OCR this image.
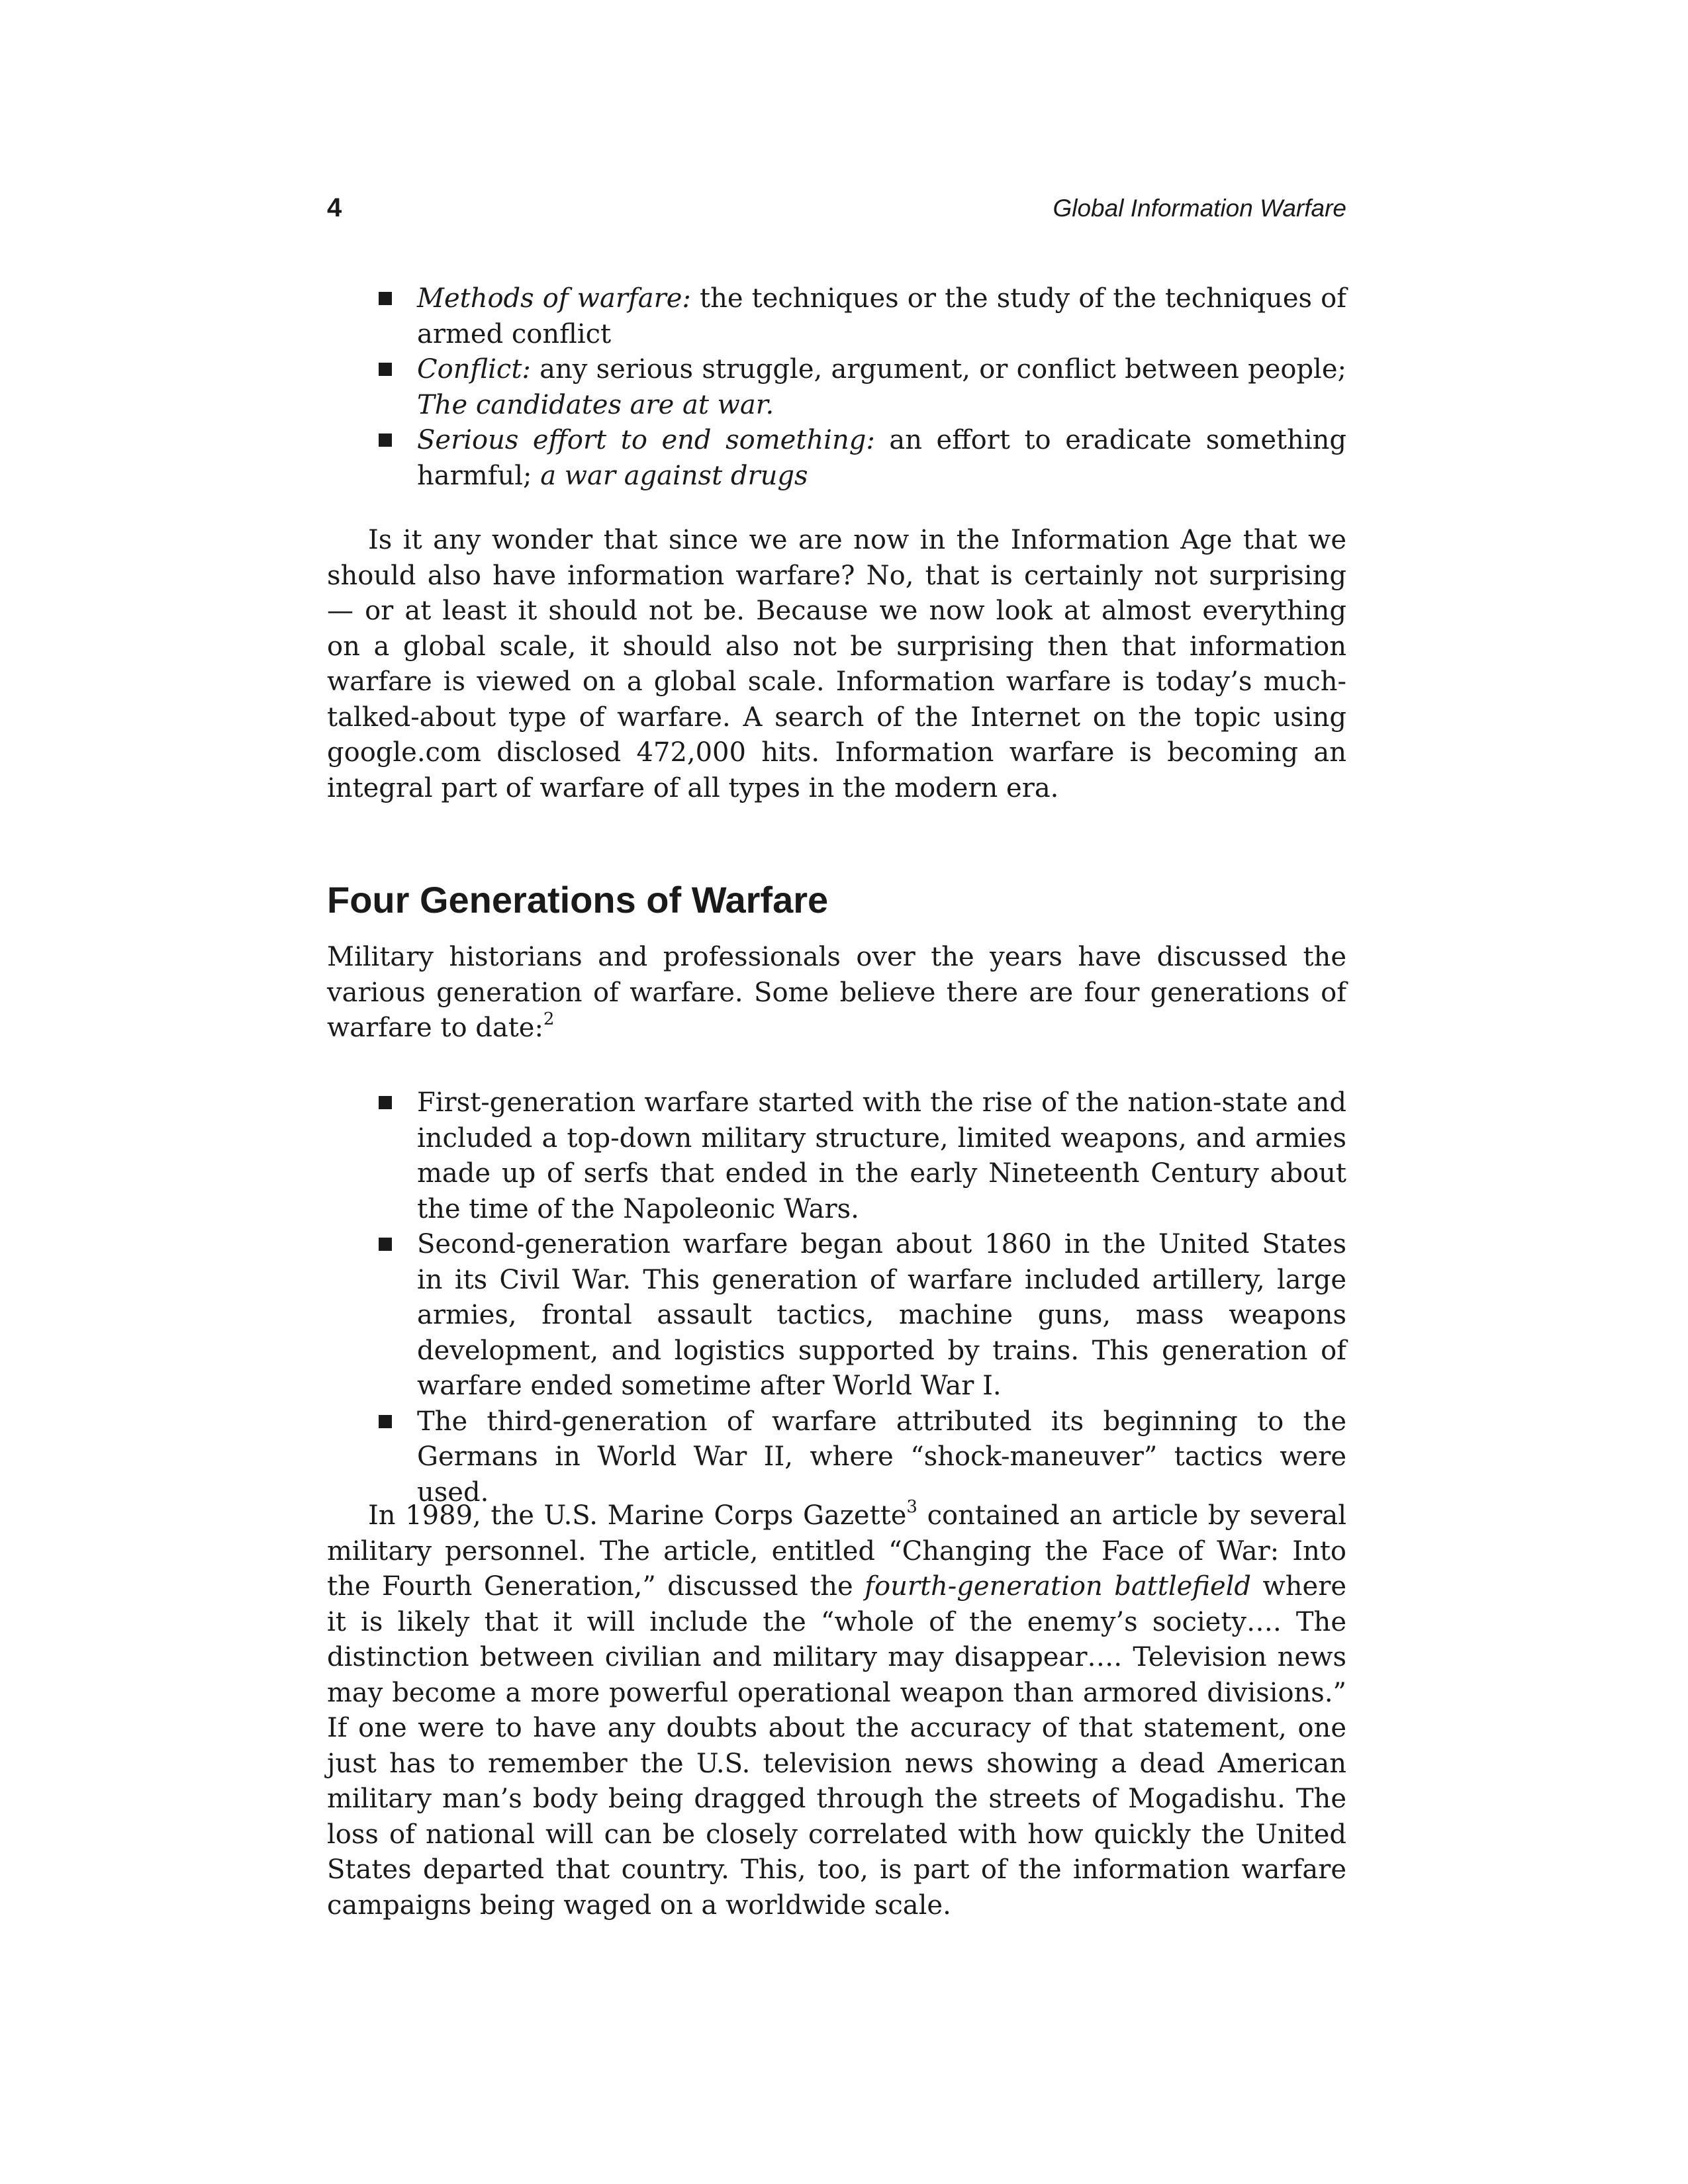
4	Global Information Warfare
Methods of warfare: the techniques or the study of the techniques of armed conflict
Conflict: any serious struggle, argument, or conflict between people; The candidates are at war.
Serious effort to end something: an effort to eradicate something harmful; a war against drugs

Is it any wonder that since we are now in the Information Age that we should also have information warfare? No, that is certainly not surprising — or at least it should not be. Because we now look at almost everything on a global scale, it should also not be surprising then that information warfare is viewed on a global scale. Information warfare is today’s much-talked-about type of warfare. A search of the Internet on the topic using google.com disclosed 472,000 hits. Information warfare is becoming an integral part of warfare of all types in the modern era.

Four Generations of Warfare

Military historians and professionals over the years have discussed the various generation of warfare. Some believe there are four generations of warfare to date:$^2$

First-generation warfare started with the rise of the nation-state and included a top-down military structure, limited weapons, and armies made up of serfs that ended in the early Nineteenth Century about the time of the Napoleonic Wars.
Second-generation warfare began about 1860 in the United States in its Civil War. This generation of warfare included artillery, large armies, frontal assault tactics, machine guns, mass weapons development, and logistics supported by trains. This generation of warfare ended sometime after World War I.
The third-generation of warfare attributed its beginning to the Germans in World War II, where “shock-maneuver” tactics were used.

In 1989, the U.S. Marine Corps Gazette$^3$ contained an article by several military personnel. The article, entitled “Changing the Face of War: Into the Fourth Generation,” discussed the fourth-generation battlefield where it is likely that it will include the “whole of the enemy’s society…. The distinction between civilian and military may disappear…. Television news may become a more powerful operational weapon than armored divisions.” If one were to have any doubts about the accuracy of that statement, one just has to remember the U.S. television news showing a dead American military man’s body being dragged through the streets of Mogadishu. The loss of national will can be closely correlated with how quickly the United States departed that country. This, too, is part of the information warfare campaigns being waged on a worldwide scale.
